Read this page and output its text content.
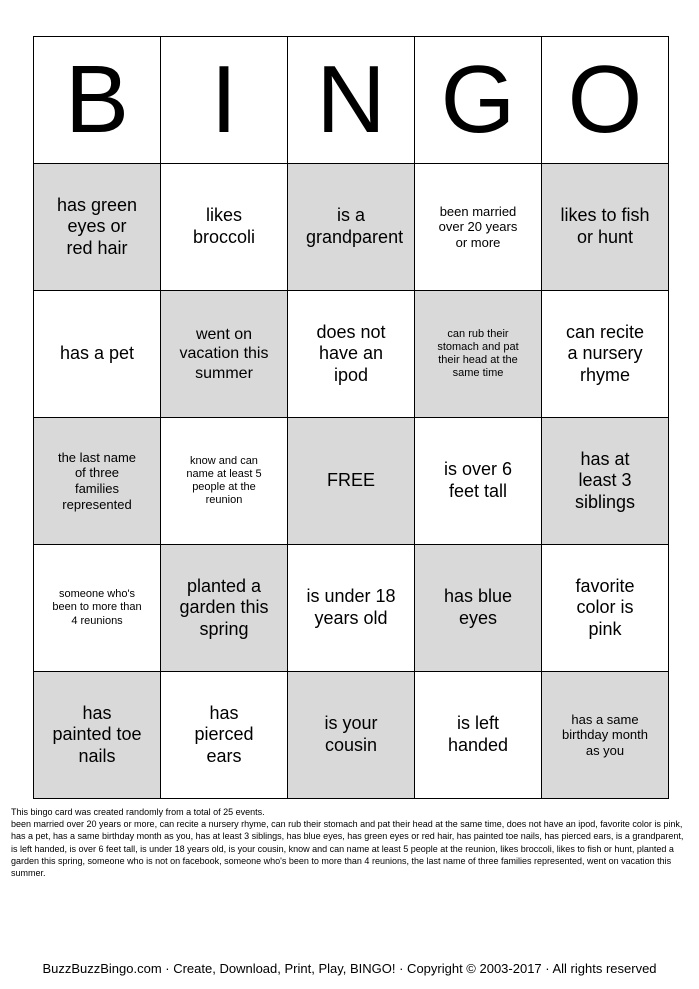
B	I	N	G	O
has green eyes or red hair	likes broccoli	is a grandparent	been married over 20 years or more	likes to fish or hunt
has a pet	went on vacation this summer	does not have an ipod	can rub their stomach and pat their head at the same time	can recite a nursery rhyme
the last name of three families represented	know and can name at least 5 people at the reunion	FREE	is over 6 feet tall	has at least 3 siblings
someone who's been to more than 4 reunions	planted a garden this spring	is under 18 years old	has blue eyes	favorite color is pink
has painted toe nails	has pierced ears	is your cousin	is left handed	has a same birthday month as you

This bingo card was created randomly from a total of 25 events.

been married over 20 years or more, can recite a nursery rhyme, can rub their stomach and pat their head at the same time, does not have an ipod, favorite color is pink, has a pet, has a same birthday month as you, has at least 3 siblings, has blue eyes, has green eyes or red hair, has painted toe nails, has pierced ears, is a grandparent, is left handed, is over 6 feet tall, is under 18 years old, is your cousin, know and can name at least 5 people at the reunion, likes broccoli, likes to fish or hunt, planted a garden this spring, someone who is not on facebook, someone who's been to more than 4 reunions, the last name of three families represented, went on vacation this summer.

BuzzBuzzBingo.com · Create, Download, Print, Play, BINGO! · Copyright © 2003-2017 · All rights reserved
